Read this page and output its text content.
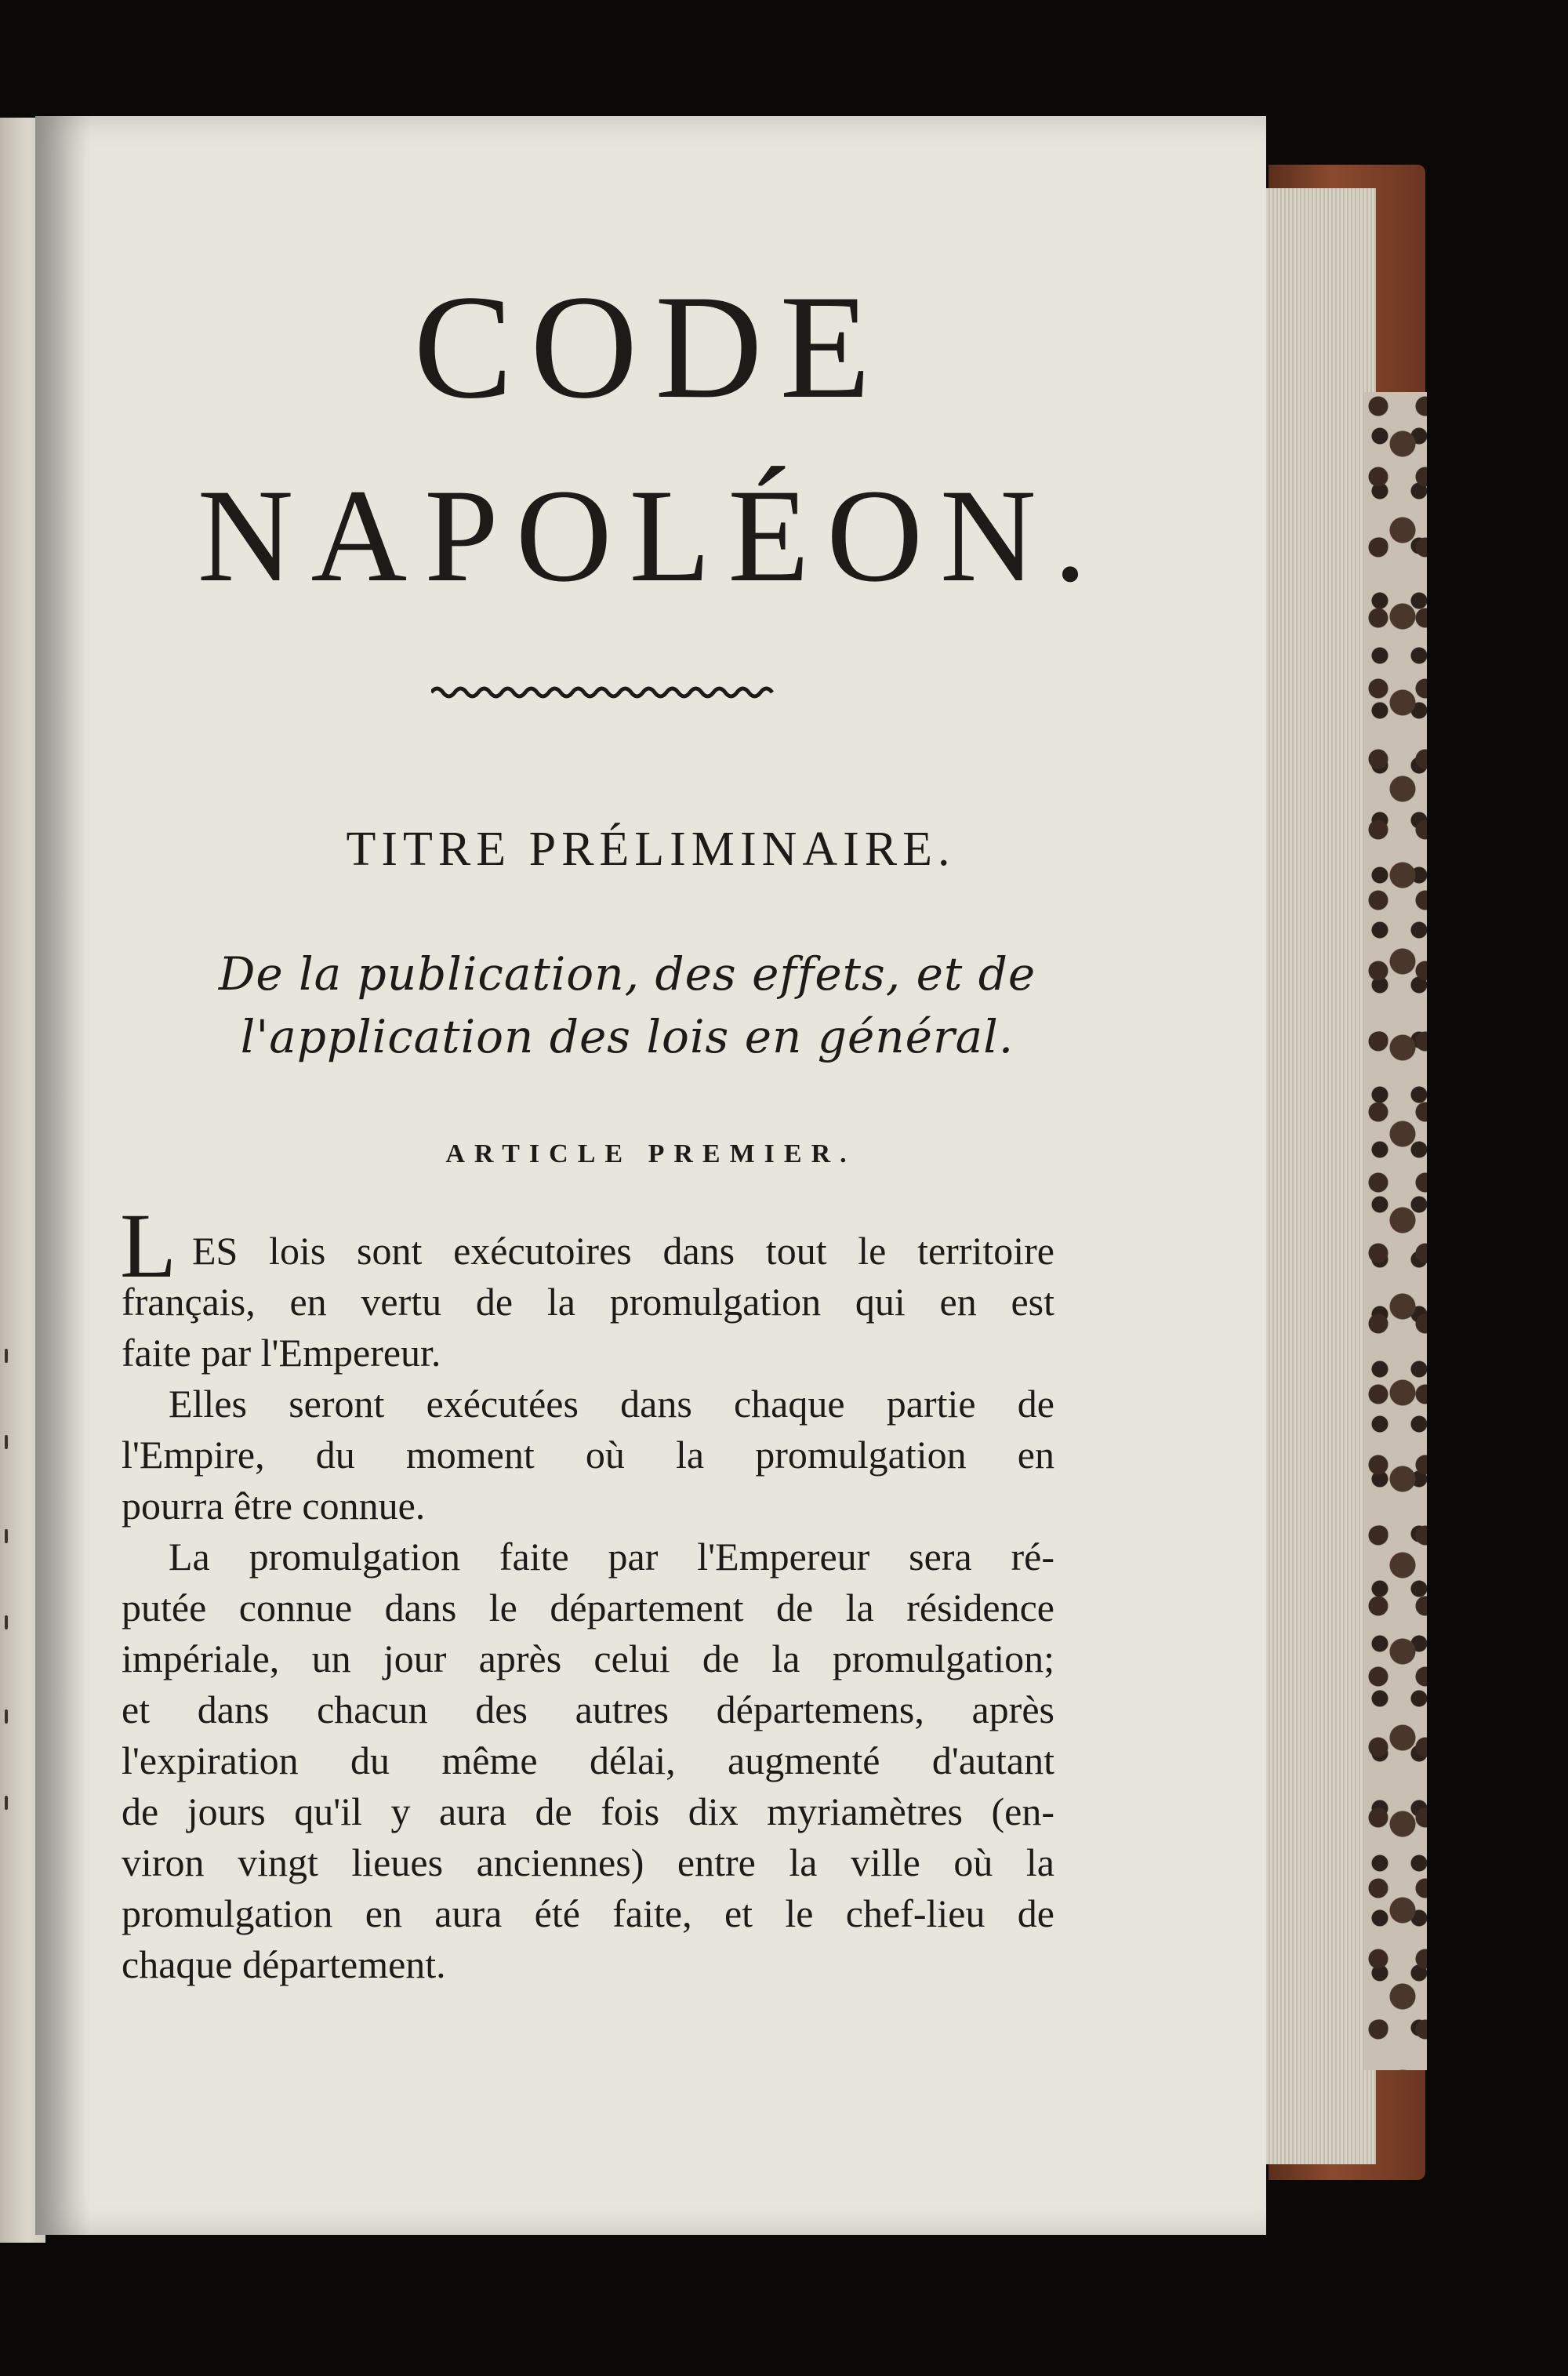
CODE
NAPOLÉON.
TITRE PRÉLIMINAIRE.
De la publication, des effets, et de
l'application des lois en général.
ARTICLE PREMIER.
L ES lois sont exécutoires dans tout le territoire
français, en vertu de la promulgation qui en est
faite par l'Empereur.
Elles seront exécutées dans chaque partie de
l'Empire, du moment où la promulgation en
pourra être connue.
La promulgation faite par l'Empereur sera ré-
putée connue dans le département de la résidence
impériale, un jour après celui de la promulgation;
et dans chacun des autres départemens, après
l'expiration du même délai, augmenté d'autant
de jours qu'il y aura de fois dix myriamètres (en-
viron vingt lieues anciennes) entre la ville où la
promulgation en aura été faite, et le chef-lieu de
chaque département.
